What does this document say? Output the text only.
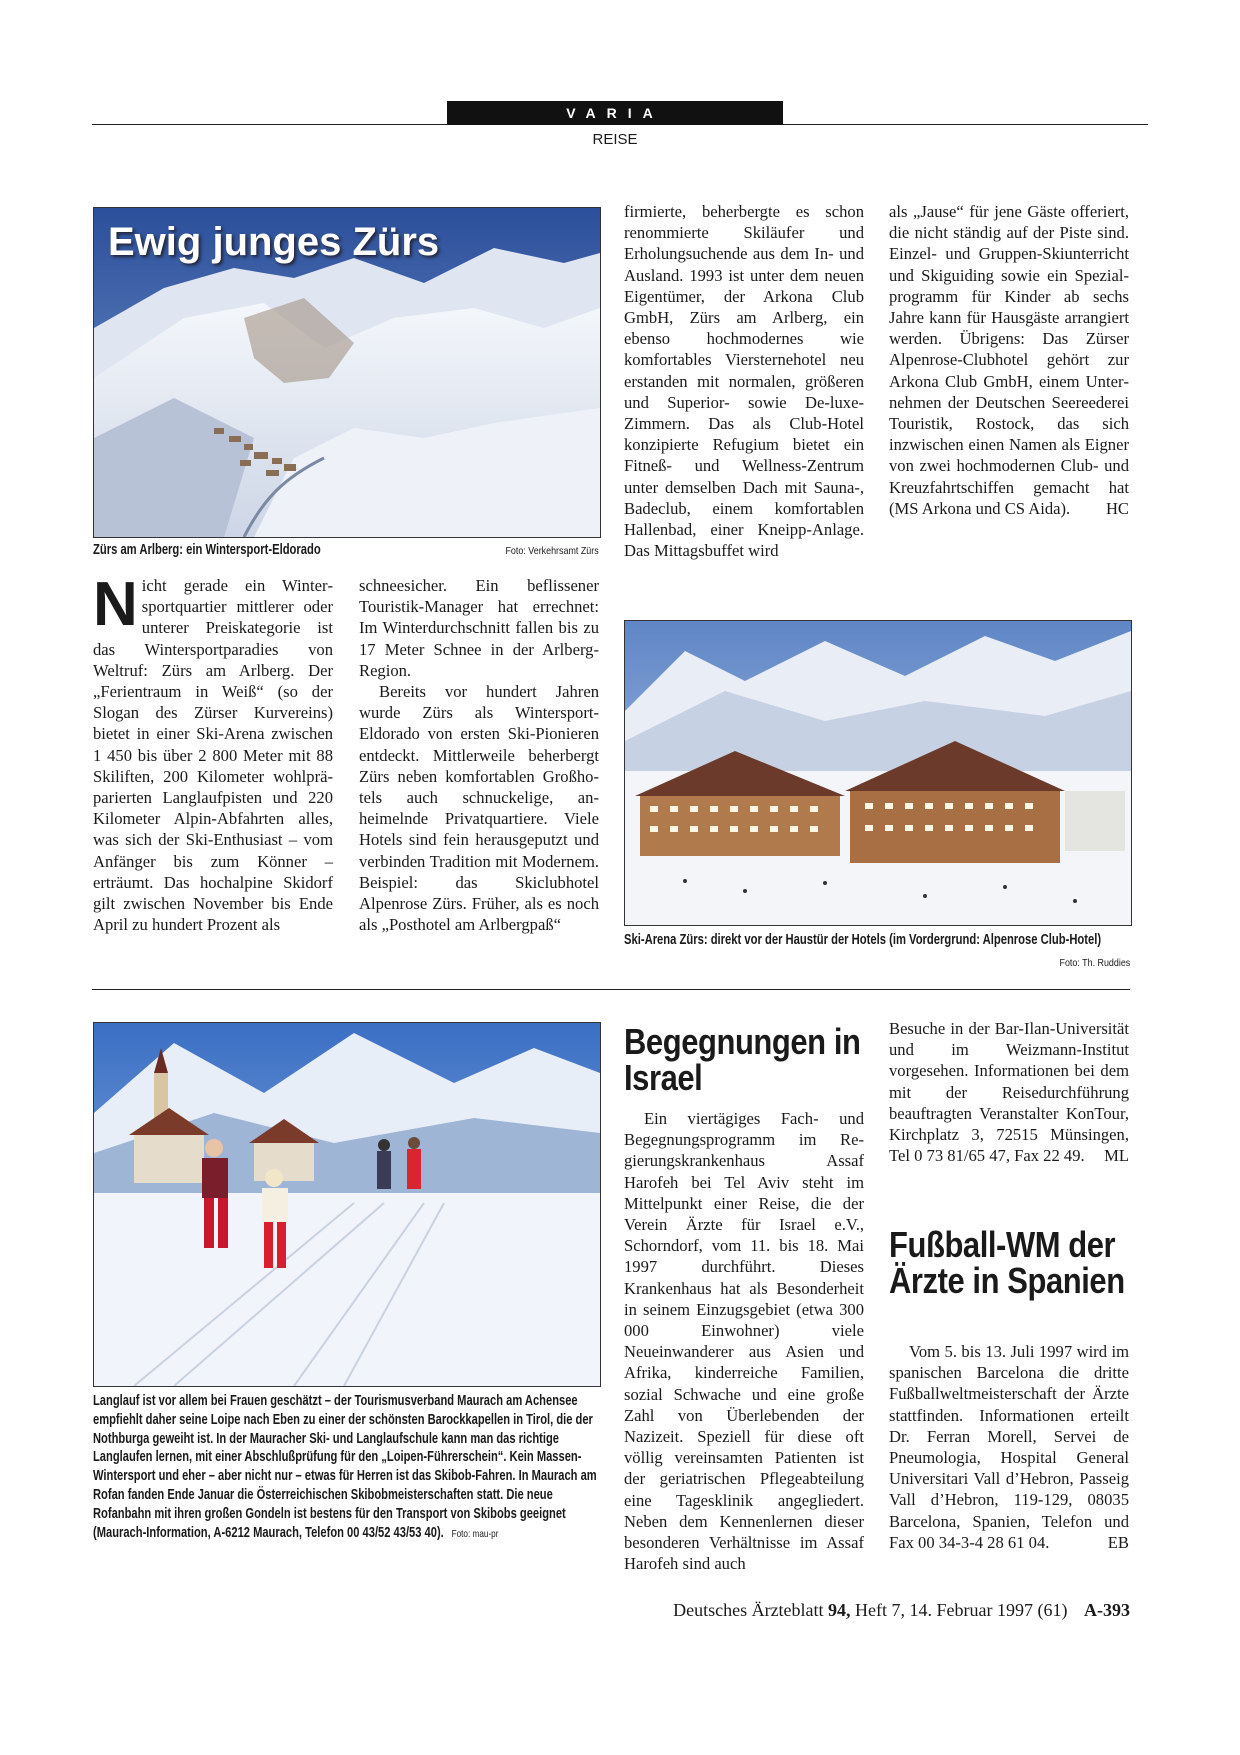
VARIA
REISE
Ewig junges Zürs
Zürs am Arlberg: ein Wintersport-Eldorado	Foto: Verkehrsamt Zürs
Nicht gerade ein Wintersportquartier mittlerer oder unterer Preiskategorie ist das Wintersportparadies von Weltruf: Zürs am Arlberg. Der „Ferientraum in Weiß“ (so der Slogan des Zürser Kurvereins) bietet in einer Ski-Arena zwischen 1 450 bis über 2 800 Meter mit 88 Skiliften, 200 Kilometer wohlpräparierten Langlaufpisten und 220 Kilometer Alpin-Abfahrten alles, was sich der Ski-Enthusiast – vom Anfänger bis zum Könner – erträumt. Das hochalpine Skidorf gilt zwischen November bis Ende April zu hundert Prozent als

schneesicher. Ein beflissener Touristik-Manager hat errechnet: Im Winterdurchschnitt fallen bis zu 17 Meter Schnee in der Arlberg-Region.

Bereits vor hundert Jahren wurde Zürs als Wintersport-Eldorado von ersten Ski-Pionieren entdeckt. Mittlerweile beherbergt Zürs neben komfortablen Großhotels auch schnuckelige, anheimelnde Privatquartiere. Viele Hotels sind fein herausgeputzt und verbinden Tradition mit Modernem. Beispiel: das Skiclubhotel Alpenrose Zürs. Früher, als es noch als „Posthotel am Arlbergpaß“

firmierte, beherbergte es schon renommierte Skiläufer und Erholungsuchende aus dem In- und Ausland. 1993 ist unter dem neuen Eigentümer, der Arkona Club GmbH, Zürs am Arlberg, ein ebenso hochmodernes wie komfortables Viersternehotel neu erstanden mit normalen, größeren und Superior- sowie De-luxe-Zimmern. Das als Club-Hotel konzipierte Refugium bietet ein Fitneß- und Wellness-Zentrum unter demselben Dach mit Sauna-, Badeclub, einem komfortablen Hallenbad, einer Kneipp-Anlage. Das Mittagsbuffet wird

als „Jause“ für jene Gäste offeriert, die nicht ständig auf der Piste sind. Einzel- und Gruppen-Skiunterricht und Skiguiding sowie ein Spezialprogramm für Kinder ab sechs Jahre kann für Hausgäste arrangiert werden. Übrigens: Das Zürser Alpenrose-Clubhotel gehört zur Arkona Club GmbH, einem Unternehmen der Deutschen Seereederei Touristik, Rostock, das sich inzwischen einen Namen als Eigner von zwei hochmodernen Club- und Kreuzfahrtschiffen gemacht hat (MS Arkona und CS Aida). HC

Ski-Arena Zürs: direkt vor der Haustür der Hotels (im Vordergrund: Alpenrose Club-Hotel)
Foto: Th. Ruddies
Langlauf ist vor allem bei Frauen geschätzt – der Tourismusverband Maurach am Achensee empfiehlt daher seine Loipe nach Eben zu einer der schönsten Barockkapellen in Tirol, die der Nothburga geweiht ist. In der Mauracher Ski- und Langlaufschule kann man das richtige Langlaufen lernen, mit einer Abschlußprüfung für den „Loipen-Führerschein“. Kein Massen-Wintersport und eher – aber nicht nur – etwas für Herren ist das Skibob-Fahren. In Maurach am Rofan fanden Ende Januar die Österreichischen Skibobmeisterschaften statt. Die neue Rofanbahn mit ihren großen Gondeln ist bestens für den Transport von Skibobs geeignet (Maurach-Information, A-6212 Maurach, Telefon 00 43/52 43/53 40). Foto: mau-pr
Begegnungen in Israel

Ein viertägiges Fach- und Begegnungsprogramm im Regierungskrankenhaus Assaf Harofeh bei Tel Aviv steht im Mittelpunkt einer Reise, die der Verein Ärzte für Israel e.V., Schorndorf, vom 11. bis 18. Mai 1997 durchführt. Dieses Krankenhaus hat als Besonderheit in seinem Einzugsgebiet (etwa 300 000 Einwohner) viele Neueinwanderer aus Asien und Afrika, kinderreiche Familien, sozial Schwache und eine große Zahl von Überlebenden der Nazizeit. Speziell für diese oft völlig vereinsamten Patienten ist der geriatrischen Pflegeabteilung eine Tagesklinik angegliedert. Neben dem Kennenlernen dieser besonderen Verhältnisse im Assaf Harofeh sind auch

Besuche in der Bar-Ilan-Universität und im Weizmann-Institut vorgesehen. Informationen bei dem mit der Reisedurchführung beauftragten Veranstalter KonTour, Kirchplatz 3, 72515 Münsingen, Tel 0 73 81/65 47, Fax 22 49. ML

Fußball-WM der Ärzte in Spanien

Vom 5. bis 13. Juli 1997 wird im spanischen Barcelona die dritte Fußballweltmeisterschaft der Ärzte stattfinden. Informationen erteilt Dr. Ferran Morell, Servei de Pneumologia, Hospital General Universitari Vall d’Hebron, Passeig Vall d’Hebron, 119-129, 08035 Barcelona, Spanien, Telefon und Fax 00 34-3-4 28 61 04.	EB

Deutsches Ärzteblatt 94, Heft 7, 14. Februar 1997 (61) A-393
